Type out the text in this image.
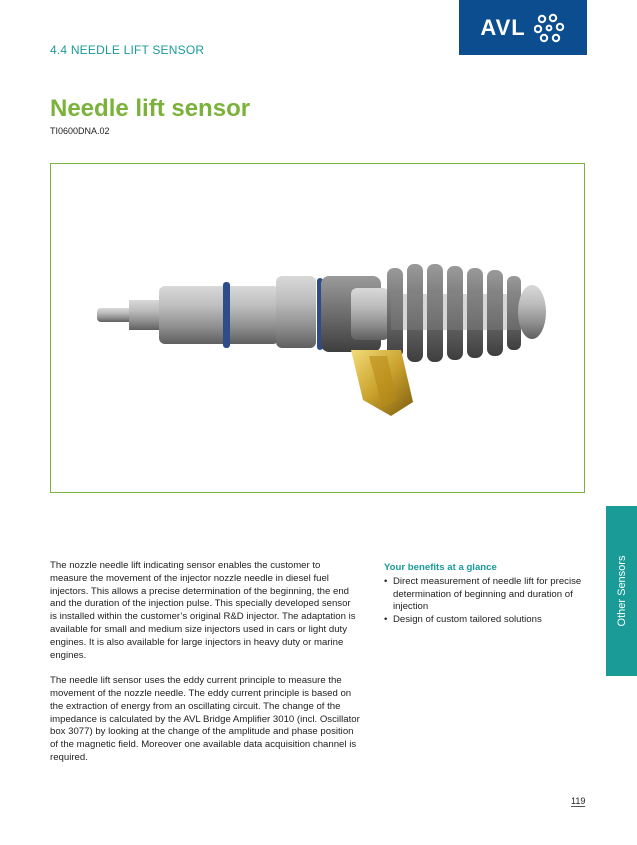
4.4 NEEDLE LIFT SENSOR
AVL
Needle lift sensor
TI0600DNA.02
Other Sensors

The nozzle needle lift indicating sensor enables the customer to measure the movement of the injector nozzle needle in diesel fuel injectors. This allows a precise determination of the beginning, the end and the duration of the injection pulse. This specially developed sensor is installed within the customer’s original R&D injector. The adaptation is available for small and medium size injectors used in cars or light duty engines. It is also available for large injectors in heavy duty or marine engines.

The needle lift sensor uses the eddy current principle to measure the movement of the nozzle needle. The eddy current principle is based on the extraction of energy from an oscillating circuit. The change of the impedance is calculated by the AVL Bridge Amplifier 3010 (incl. Oscillator box 3077) by looking at the change of the amplitude and phase position of the magnetic field. Moreover one available data acquisition channel is required.

Your benefits at a glance
• Direct measurement of needle lift for precise determination of beginning and duration of injection
• Design of custom tailored solutions
119
